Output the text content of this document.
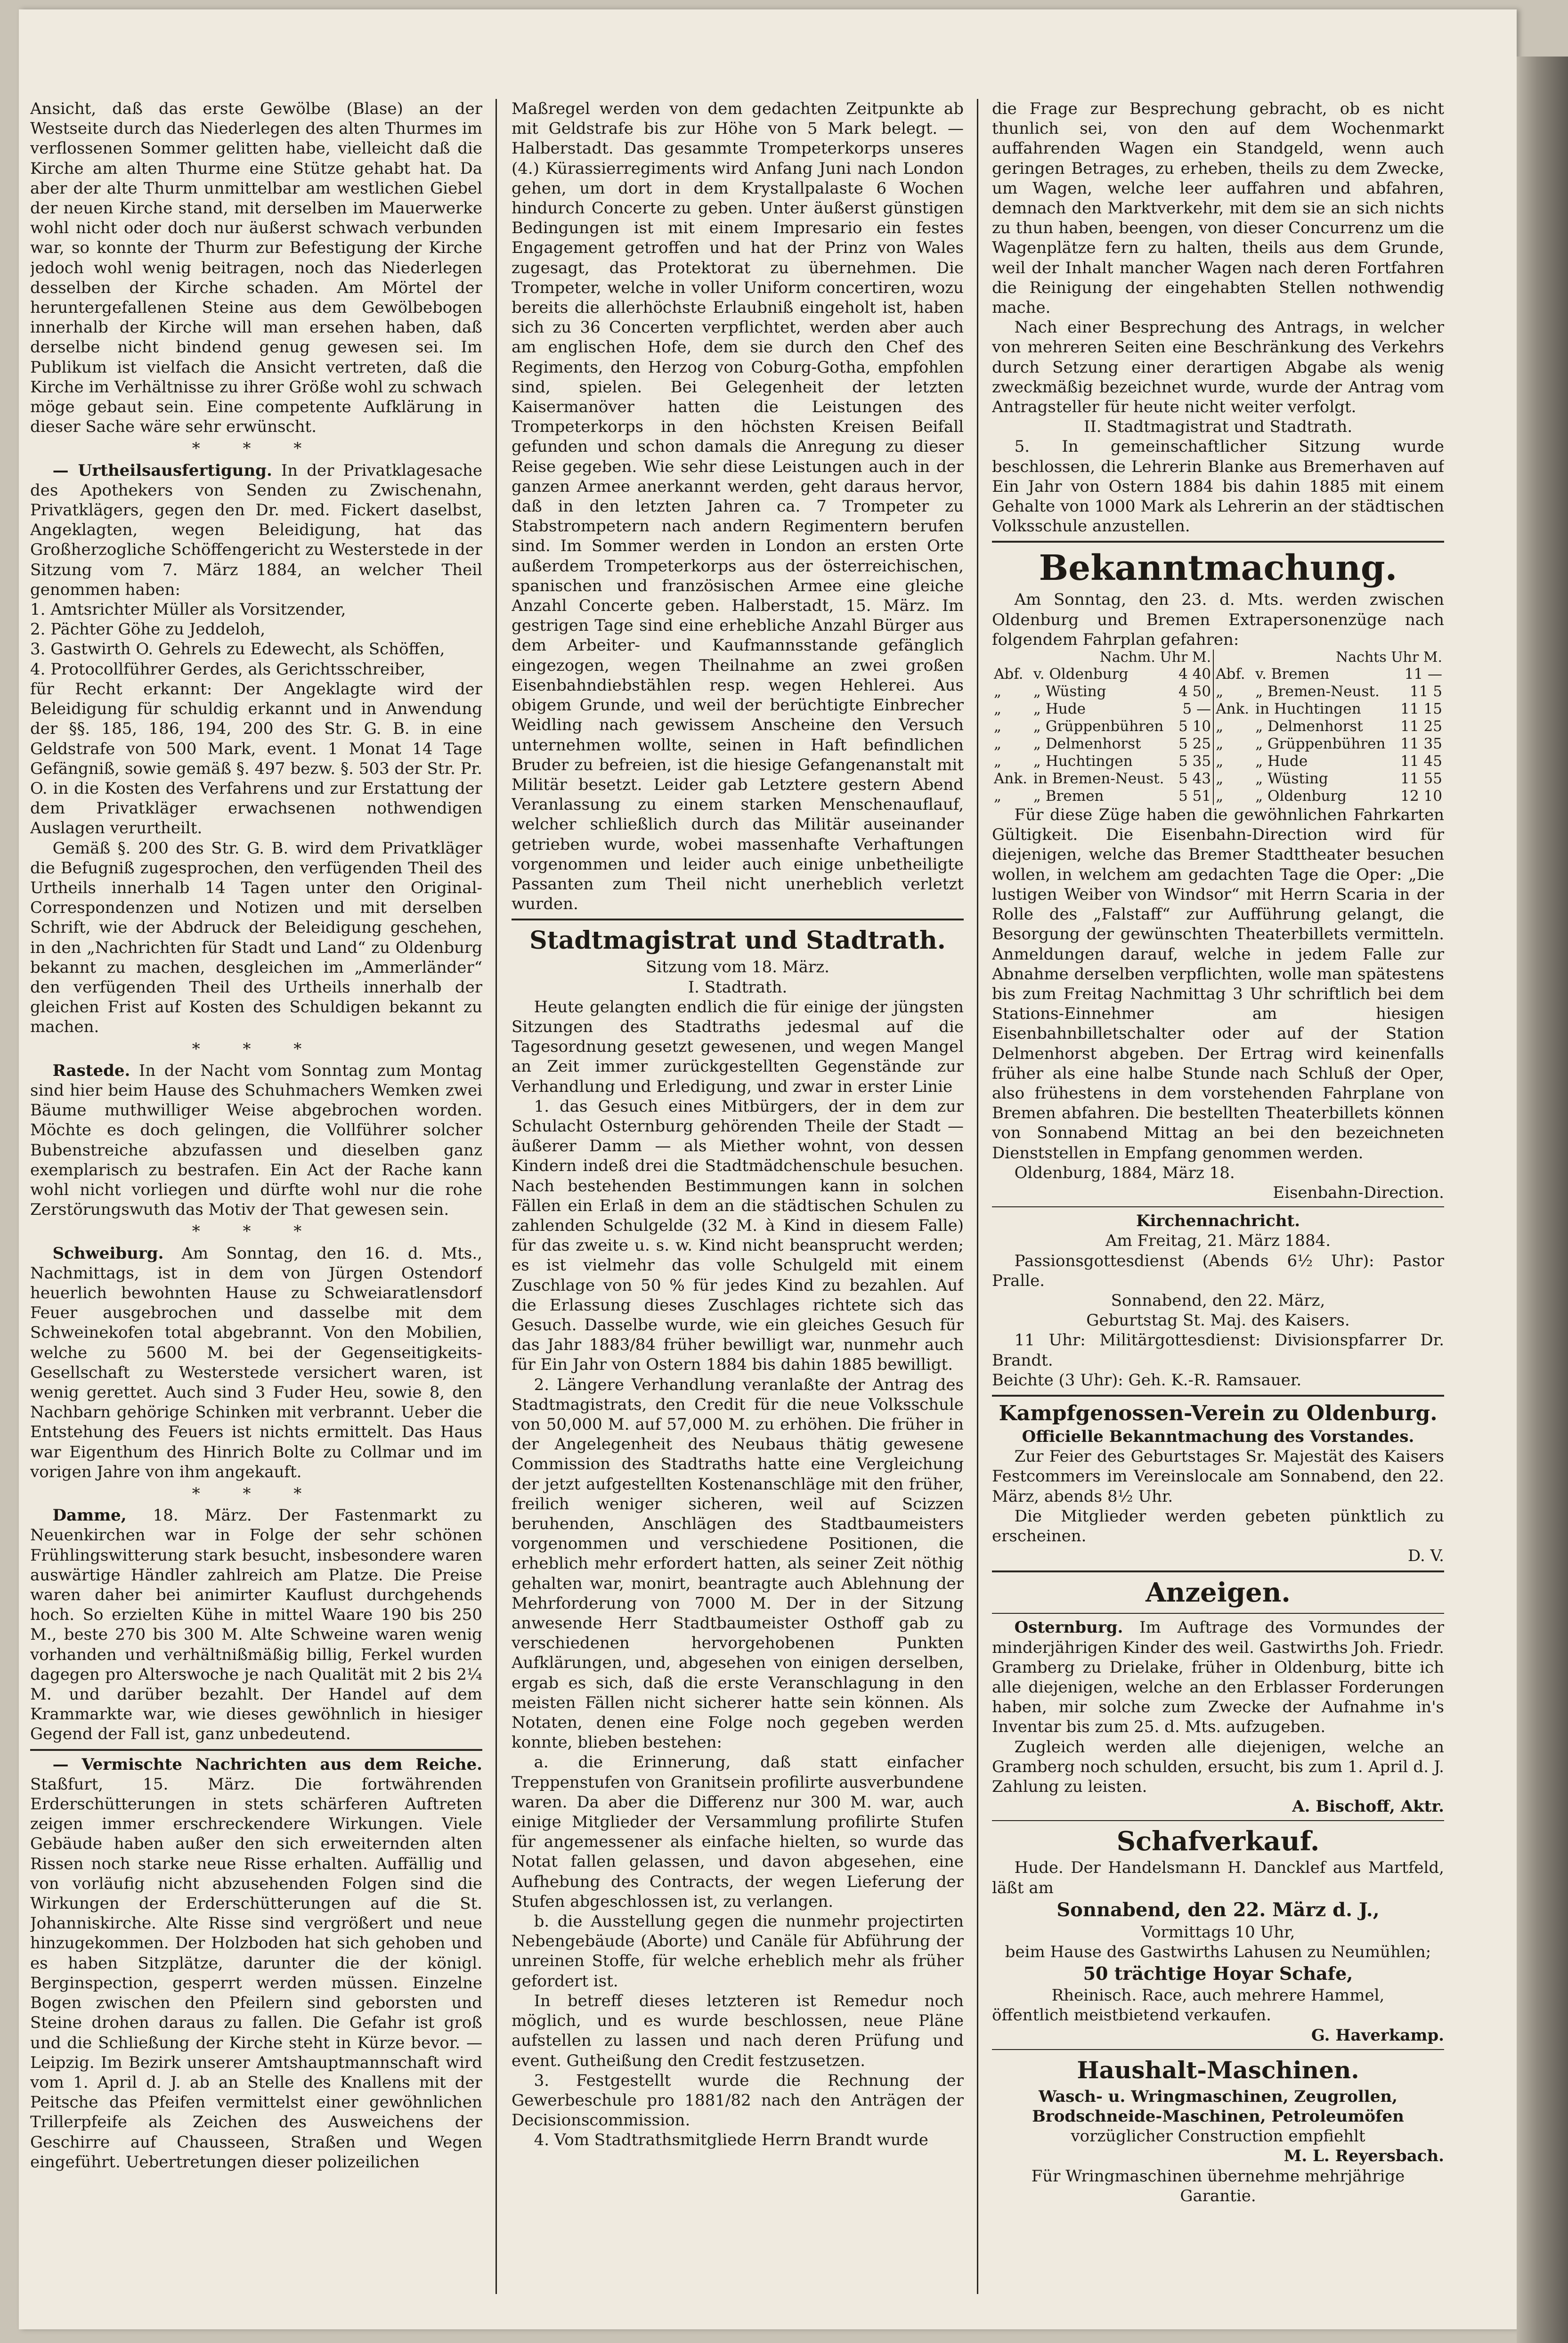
Ansicht, daß das erste Gewölbe (Blase) an der Westseite durch das Niederlegen des alten Thurmes im verflossenen Sommer gelitten habe, vielleicht daß die Kirche am alten Thurme eine Stütze gehabt hat. Da aber der alte Thurm unmittelbar am westlichen Giebel der neuen Kirche stand, mit derselben im Mauerwerke wohl nicht oder doch nur äußerst schwach verbunden war, so konnte der Thurm zur Befestigung der Kirche jedoch wohl wenig beitragen, noch das Niederlegen desselben der Kirche schaden. Am Mörtel der heruntergefallenen Steine aus dem Gewölbebogen innerhalb der Kirche will man ersehen haben, daß derselbe nicht bindend genug gewesen sei. Im Publikum ist vielfach die Ansicht vertreten, daß die Kirche im Verhältnisse zu ihrer Größe wohl zu schwach möge gebaut sein. Eine competente Aufklärung in dieser Sache wäre sehr erwünscht.

* * *

— Urtheilsausfertigung. In der Privatklagesache des Apothekers von Senden zu Zwischenahn, Privatklägers, gegen den Dr. med. Fickert daselbst, Angeklagten, wegen Beleidigung, hat das Großherzogliche Schöffengericht zu Westerstede in der Sitzung vom 7. März 1884, an welcher Theil genommen haben:

1. Amtsrichter Müller als Vorsitzender,

2. Pächter Göhe zu Jeddeloh,

3. Gastwirth O. Gehrels zu Edewecht, als Schöffen,

4. Protocollführer Gerdes, als Gerichtsschreiber,

für Recht erkannt: Der Angeklagte wird der Beleidigung für schuldig erkannt und in Anwendung der §§. 185, 186, 194, 200 des Str. G. B. in eine Geldstrafe von 500 Mark, event. 1 Monat 14 Tage Gefängniß, sowie gemäß §. 497 bezw. §. 503 der Str. Pr. O. in die Kosten des Verfahrens und zur Erstattung der dem Privatkläger erwachsenen nothwendigen Auslagen verurtheilt.

Gemäß §. 200 des Str. G. B. wird dem Privatkläger die Befugniß zugesprochen, den verfügenden Theil des Urtheils innerhalb 14 Tagen unter den Original-Correspondenzen und Notizen und mit derselben Schrift, wie der Abdruck der Beleidigung geschehen, in den „Nachrichten für Stadt und Land“ zu Oldenburg bekannt zu machen, desgleichen im „Ammerländer“ den verfügenden Theil des Urtheils innerhalb der gleichen Frist auf Kosten des Schuldigen bekannt zu machen.

* * *

Rastede. In der Nacht vom Sonntag zum Montag sind hier beim Hause des Schuhmachers Wemken zwei Bäume muthwilliger Weise abgebrochen worden. Möchte es doch gelingen, die Vollführer solcher Bubenstreiche abzufassen und dieselben ganz exemplarisch zu bestrafen. Ein Act der Rache kann wohl nicht vorliegen und dürfte wohl nur die rohe Zerstörungswuth das Motiv der That gewesen sein.

* * *

Schweiburg. Am Sonntag, den 16. d. Mts., Nachmittags, ist in dem von Jürgen Ostendorf heuerlich bewohnten Hause zu Schweiaratlensdorf Feuer ausgebrochen und dasselbe mit dem Schweinekofen total abgebrannt. Von den Mobilien, welche zu 5600 M. bei der Gegenseitigkeits-Gesellschaft zu Westerstede versichert waren, ist wenig gerettet. Auch sind 3 Fuder Heu, sowie 8, den Nachbarn gehörige Schinken mit verbrannt. Ueber die Entstehung des Feuers ist nichts ermittelt. Das Haus war Eigenthum des Hinrich Bolte zu Collmar und im vorigen Jahre von ihm angekauft.

* * *

Damme, 18. März. Der Fastenmarkt zu Neuenkirchen war in Folge der sehr schönen Frühlingswitterung stark besucht, insbesondere waren auswärtige Händler zahlreich am Platze. Die Preise waren daher bei animirter Kauflust durchgehends hoch. So erzielten Kühe in mittel Waare 190 bis 250 M., beste 270 bis 300 M. Alte Schweine waren wenig vorhanden und verhältnißmäßig billig, Ferkel wurden dagegen pro Alterswoche je nach Qualität mit 2 bis 2¼ M. und darüber bezahlt. Der Handel auf dem Krammarkte war, wie dieses gewöhnlich in hiesiger Gegend der Fall ist, ganz unbedeutend.

— Vermischte Nachrichten aus dem Reiche. Staßfurt, 15. März. Die fortwährenden Erderschütterungen in stets schärferen Auftreten zeigen immer erschreckendere Wirkungen. Viele Gebäude haben außer den sich erweiternden alten Rissen noch starke neue Risse erhalten. Auffällig und von vorläufig nicht abzusehenden Folgen sind die Wirkungen der Erderschütterungen auf die St. Johanniskirche. Alte Risse sind vergrößert und neue hinzugekommen. Der Holzboden hat sich gehoben und es haben Sitzplätze, darunter die der königl. Berginspection, gesperrt werden müssen. Einzelne Bogen zwischen den Pfeilern sind geborsten und Steine drohen daraus zu fallen. Die Gefahr ist groß und die Schließung der Kirche steht in Kürze bevor. — Leipzig. Im Bezirk unserer Amtshauptmannschaft wird vom 1. April d. J. ab an Stelle des Knallens mit der Peitsche das Pfeifen vermittelst einer gewöhnlichen Trillerpfeife als Zeichen des Ausweichens der Geschirre auf Chausseen, Straßen und Wegen eingeführt. Uebertretungen dieser polizeilichen

Maßregel werden von dem gedachten Zeitpunkte ab mit Geldstrafe bis zur Höhe von 5 Mark belegt. — Halberstadt. Das gesammte Trompeterkorps unseres (4.) Kürassierregiments wird Anfang Juni nach London gehen, um dort in dem Krystallpalaste 6 Wochen hindurch Concerte zu geben. Unter äußerst günstigen Bedingungen ist mit einem Impresario ein festes Engagement getroffen und hat der Prinz von Wales zugesagt, das Protektorat zu übernehmen. Die Trompeter, welche in voller Uniform concertiren, wozu bereits die allerhöchste Erlaubniß eingeholt ist, haben sich zu 36 Concerten verpflichtet, werden aber auch am englischen Hofe, dem sie durch den Chef des Regiments, den Herzog von Coburg-Gotha, empfohlen sind, spielen. Bei Gelegenheit der letzten Kaisermanöver hatten die Leistungen des Trompeterkorps in den höchsten Kreisen Beifall gefunden und schon damals die Anregung zu dieser Reise gegeben. Wie sehr diese Leistungen auch in der ganzen Armee anerkannt werden, geht daraus hervor, daß in den letzten Jahren ca. 7 Trompeter zu Stabstrompetern nach andern Regimentern berufen sind. Im Sommer werden in London an ersten Orte außerdem Trompeterkorps aus der österreichischen, spanischen und französischen Armee eine gleiche Anzahl Concerte geben. Halberstadt, 15. März. Im gestrigen Tage sind eine erhebliche Anzahl Bürger aus dem Arbeiter- und Kaufmannsstande gefänglich eingezogen, wegen Theilnahme an zwei großen Eisenbahndiebstählen resp. wegen Hehlerei. Aus obigem Grunde, und weil der berüchtigte Einbrecher Weidling nach gewissem Anscheine den Versuch unternehmen wollte, seinen in Haft befindlichen Bruder zu befreien, ist die hiesige Gefangenanstalt mit Militär besetzt. Leider gab Letztere gestern Abend Veranlassung zu einem starken Menschenauflauf, welcher schließlich durch das Militär auseinander getrieben wurde, wobei massenhafte Verhaftungen vorgenommen und leider auch einige unbetheiligte Passanten zum Theil nicht unerheblich verletzt wurden.

Stadtmagistrat und Stadtrath.

Sitzung vom 18. März.

I. Stadtrath.

Heute gelangten endlich die für einige der jüngsten Sitzungen des Stadtraths jedesmal auf die Tagesordnung gesetzt gewesenen, und wegen Mangel an Zeit immer zurückgestellten Gegenstände zur Verhandlung und Erledigung, und zwar in erster Linie

1. das Gesuch eines Mitbürgers, der in dem zur Schulacht Osternburg gehörenden Theile der Stadt — äußerer Damm — als Miether wohnt, von dessen Kindern indeß drei die Stadtmädchenschule besuchen. Nach bestehenden Bestimmungen kann in solchen Fällen ein Erlaß in dem an die städtischen Schulen zu zahlenden Schulgelde (32 M. à Kind in diesem Falle) für das zweite u. s. w. Kind nicht beansprucht werden; es ist vielmehr das volle Schulgeld mit einem Zuschlage von 50 % für jedes Kind zu bezahlen. Auf die Erlassung dieses Zuschlages richtete sich das Gesuch. Dasselbe wurde, wie ein gleiches Gesuch für das Jahr 1883/84 früher bewilligt war, nunmehr auch für Ein Jahr von Ostern 1884 bis dahin 1885 bewilligt.

2. Längere Verhandlung veranlaßte der Antrag des Stadtmagistrats, den Credit für die neue Volksschule von 50,000 M. auf 57,000 M. zu erhöhen. Die früher in der Angelegenheit des Neubaus thätig gewesene Commission des Stadtraths hatte eine Vergleichung der jetzt aufgestellten Kostenanschläge mit den früher, freilich weniger sicheren, weil auf Scizzen beruhenden, Anschlägen des Stadtbaumeisters vorgenommen und verschiedene Positionen, die erheblich mehr erfordert hatten, als seiner Zeit nöthig gehalten war, monirt, beantragte auch Ablehnung der Mehrforderung von 7000 M. Der in der Sitzung anwesende Herr Stadtbaumeister Osthoff gab zu verschiedenen hervorgehobenen Punkten Aufklärungen, und, abgesehen von einigen derselben, ergab es sich, daß die erste Veranschlagung in den meisten Fällen nicht sicherer hatte sein können. Als Notaten, denen eine Folge noch gegeben werden konnte, blieben bestehen:

a. die Erinnerung, daß statt einfacher Treppenstufen von Granitsein profilirte ausverbundene waren. Da aber die Differenz nur 300 M. war, auch einige Mitglieder der Versammlung profilirte Stufen für angemessener als einfache hielten, so wurde das Notat fallen gelassen, und davon abgesehen, eine Aufhebung des Contracts, der wegen Lieferung der Stufen abgeschlossen ist, zu verlangen.

b. die Ausstellung gegen die nunmehr projectirten Nebengebäude (Aborte) und Canäle für Abführung der unreinen Stoffe, für welche erheblich mehr als früher gefordert ist.

In betreff dieses letzteren ist Remedur noch möglich, und es wurde beschlossen, neue Pläne aufstellen zu lassen und nach deren Prüfung und event. Gutheißung den Credit festzusetzen.

3. Festgestellt wurde die Rechnung der Gewerbeschule pro 1881/82 nach den Anträgen der Decisionscommission.

4. Vom Stadtrathsmitgliede Herrn Brandt wurde

die Frage zur Besprechung gebracht, ob es nicht thunlich sei, von den auf dem Wochenmarkt auffahrenden Wagen ein Standgeld, wenn auch geringen Betrages, zu erheben, theils zu dem Zwecke, um Wagen, welche leer auffahren und abfahren, demnach den Marktverkehr, mit dem sie an sich nichts zu thun haben, beengen, von dieser Concurrenz um die Wagenplätze fern zu halten, theils aus dem Grunde, weil der Inhalt mancher Wagen nach deren Fortfahren die Reinigung der eingehabten Stellen nothwendig mache.

Nach einer Besprechung des Antrags, in welcher von mehreren Seiten eine Beschränkung des Verkehrs durch Setzung einer derartigen Abgabe als wenig zweckmäßig bezeichnet wurde, wurde der Antrag vom Antragsteller für heute nicht weiter verfolgt.

II. Stadtmagistrat und Stadtrath.

5. In gemeinschaftlicher Sitzung wurde beschlossen, die Lehrerin Blanke aus Bremerhaven auf Ein Jahr von Ostern 1884 bis dahin 1885 mit einem Gehalte von 1000 Mark als Lehrerin an der städtischen Volksschule anzustellen.

Bekanntmachung.

Am Sonntag, den 23. d. Mts. werden zwischen Oldenburg und Bremen Extrapersonenzüge nach folgendem Fahrplan gefahren:

Nachm. Uhr M.			Nachts Uhr M.		
Abf.	v. Oldenburg	4 40	Abf.	v. Bremen	11 —
„	„ Wüsting	4 50	„	„ Bremen-Neust.	11 5
„	„ Hude	5 —	Ank.	in Huchtingen	11 15
„	„ Grüppenbühren	5 10	„	„ Delmenhorst	11 25
„	„ Delmenhorst	5 25	„	„ Grüppenbühren	11 35
„	„ Huchtingen	5 35	„	„ Hude	11 45
Ank.	in Bremen-Neust.	5 43	„	„ Wüsting	11 55
„	„ Bremen	5 51	„	„ Oldenburg	12 10

Für diese Züge haben die gewöhnlichen Fahrkarten Gültigkeit. Die Eisenbahn-Direction wird für diejenigen, welche das Bremer Stadttheater besuchen wollen, in welchem am gedachten Tage die Oper: „Die lustigen Weiber von Windsor“ mit Herrn Scaria in der Rolle des „Falstaff“ zur Aufführung gelangt, die Besorgung der gewünschten Theaterbillets vermitteln. Anmeldungen darauf, welche in jedem Falle zur Abnahme derselben verpflichten, wolle man spätestens bis zum Freitag Nachmittag 3 Uhr schriftlich bei dem Stations-Einnehmer am hiesigen Eisenbahnbilletschalter oder auf der Station Delmenhorst abgeben. Der Ertrag wird keinenfalls früher als eine halbe Stunde nach Schluß der Oper, also frühestens in dem vorstehenden Fahrplane von Bremen abfahren. Die bestellten Theaterbillets können von Sonnabend Mittag an bei den bezeichneten Dienststellen in Empfang genommen werden.

Oldenburg, 1884, März 18.

Eisenbahn-Direction.

Kirchennachricht.

Am Freitag, 21. März 1884.

Passionsgottesdienst (Abends 6½ Uhr): Pastor Pralle.

Sonnabend, den 22. März,

Geburtstag St. Maj. des Kaisers.

11 Uhr: Militärgottesdienst: Divisionspfarrer Dr. Brandt.

Beichte (3 Uhr): Geh. K.-R. Ramsauer.

Kampfgenossen-Verein zu Oldenburg.

Officielle Bekanntmachung des Vorstandes.

Zur Feier des Geburtstages Sr. Majestät des Kaisers Festcommers im Vereinslocale am Sonnabend, den 22. März, abends 8½ Uhr.

Die Mitglieder werden gebeten pünktlich zu erscheinen.

D. V.

Anzeigen.

Osternburg. Im Auftrage des Vormundes der minderjährigen Kinder des weil. Gastwirths Joh. Friedr. Gramberg zu Drielake, früher in Oldenburg, bitte ich alle diejenigen, welche an den Erblasser Forderungen haben, mir solche zum Zwecke der Aufnahme in's Inventar bis zum 25. d. Mts. aufzugeben.

Zugleich werden alle diejenigen, welche an Gramberg noch schulden, ersucht, bis zum 1. April d. J. Zahlung zu leisten.

A. Bischoff, Aktr.

Schafverkauf.

Hude. Der Handelsmann H. Dancklef aus Martfeld, läßt am

Sonnabend, den 22. März d. J.,

Vormittags 10 Uhr,

beim Hause des Gastwirths Lahusen zu Neumühlen;

50 trächtige Hoyar Schafe,

Rheinisch. Race, auch mehrere Hammel,

öffentlich meistbietend verkaufen.

G. Haverkamp.

Haushalt-Maschinen.

Wasch- u. Wringmaschinen, Zeugrollen,

Brodschneide-Maschinen, Petroleumöfen

vorzüglicher Construction empfiehlt

M. L. Reyersbach.

Für Wringmaschinen übernehme mehrjährige Garantie.
